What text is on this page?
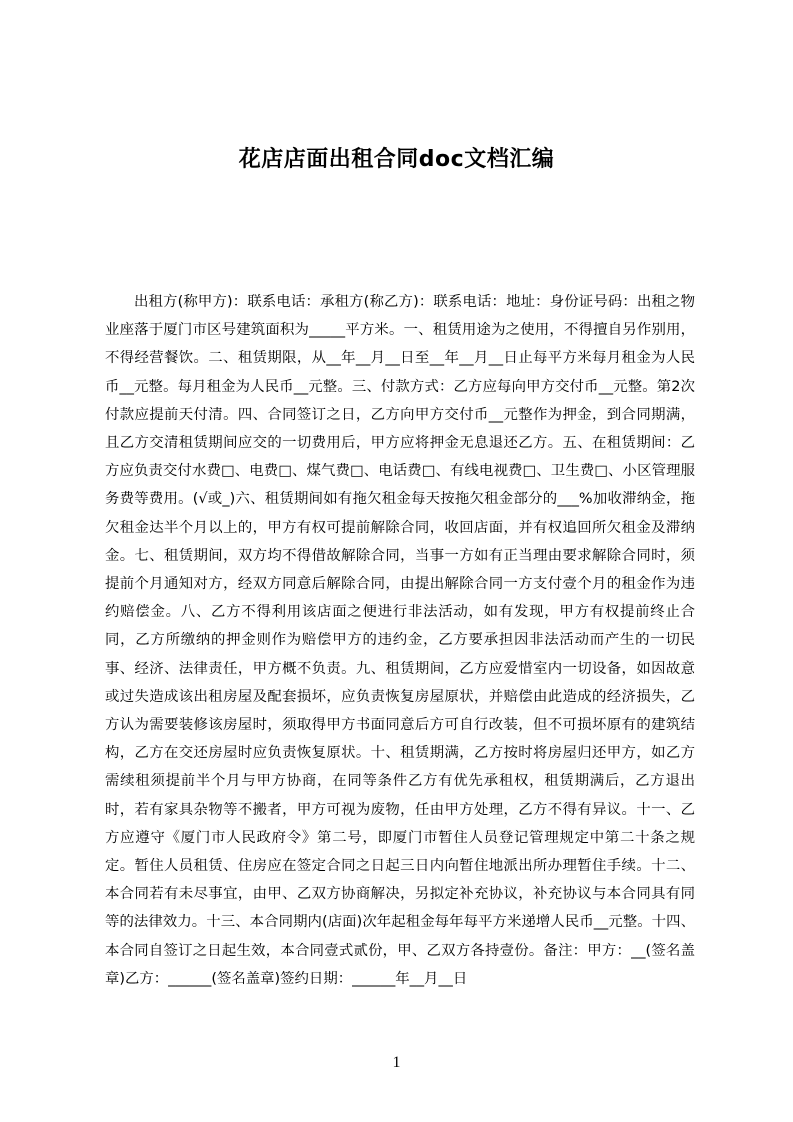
花店店面出租合同doc文档汇编
出租方(称甲方)：联系电话：承租方(称乙方)：联系电话：地址：身份证号码：出租之物业座落于厦门市区号建筑面积为_____平方米。一、租赁用途为之使用，不得擅自另作别用，不得经营餐饮。二、租赁期限，从__年__月__日至__年__月__日止每平方米每月租金为人民币__元整。每月租金为人民币__元整。三、付款方式：乙方应每向甲方交付币__元整。第2次付款应提前天付清。四、合同签订之日，乙方向甲方交付币__元整作为押金，到合同期满，且乙方交清租赁期间应交的一切费用后，甲方应将押金无息退还乙方。五、在租赁期间：乙方应负责交付水费□、电费□、煤气费□、电话费□、有线电视费□、卫生费□、小区管理服务费等费用。(√或_)六、租赁期间如有拖欠租金每天按拖欠租金部分的___%加收滞纳金，拖欠租金达半个月以上的，甲方有权可提前解除合同，收回店面，并有权追回所欠租金及滞纳金。七、租赁期间，双方均不得借故解除合同，当事一方如有正当理由要求解除合同时，须提前个月通知对方，经双方同意后解除合同，由提出解除合同一方支付壹个月的租金作为违约赔偿金。八、乙方不得利用该店面之便进行非法活动，如有发现，甲方有权提前终止合同，乙方所缴纳的押金则作为赔偿甲方的违约金，乙方要承担因非法活动而产生的一切民事、经济、法律责任，甲方概不负责。九、租赁期间，乙方应爱惜室内一切设备，如因故意或过失造成该出租房屋及配套损坏，应负责恢复房屋原状，并赔偿由此造成的经济损失，乙方认为需要装修该房屋时，须取得甲方书面同意后方可自行改装，但不可损坏原有的建筑结构，乙方在交还房屋时应负责恢复原状。十、租赁期满，乙方按时将房屋归还甲方，如乙方需续租须提前半个月与甲方协商，在同等条件乙方有优先承租权，租赁期满后，乙方退出时，若有家具杂物等不搬者，甲方可视为废物，任由甲方处理，乙方不得有异议。十一、乙方应遵守《厦门市人民政府令》第二号，即厦门市暂住人员登记管理规定中第二十条之规定。暂住人员租赁、住房应在签定合同之日起三日内向暂住地派出所办理暂住手续。十二、本合同若有未尽事宜，由甲、乙双方协商解决，另拟定补充协议，补充协议与本合同具有同等的法律效力。十三、本合同期内(店面)次年起租金每年每平方米递增人民币__元整。十四、本合同自签订之日起生效，本合同壹式贰份，甲、乙双方各持壹份。备注：甲方：__(签名盖章)乙方：______(签名盖章)签约日期：______年__月__日
1
